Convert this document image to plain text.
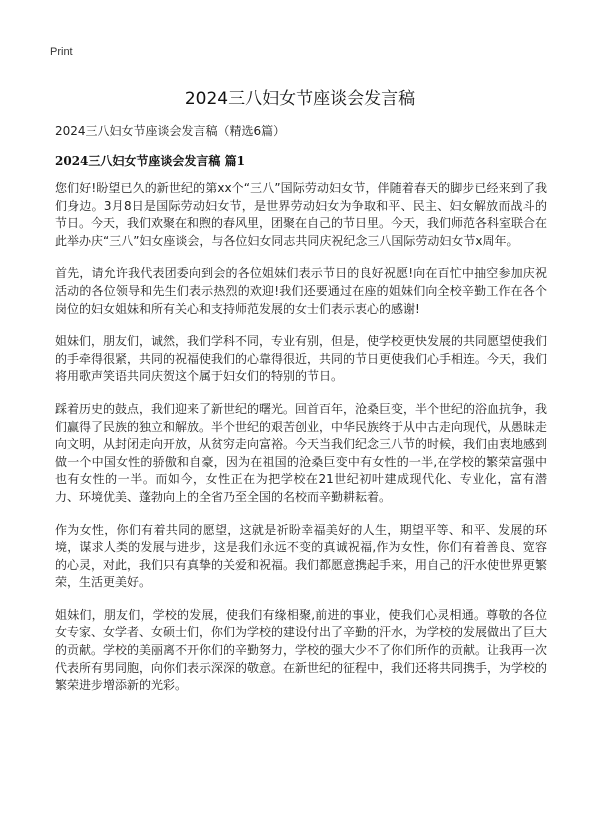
Print
2024三八妇女节座谈会发言稿

2024三八妇女节座谈会发言稿（精选6篇）

2024三八妇女节座谈会发言稿 篇1

您们好!盼望已久的新世纪的第xx个“三八”国际劳动妇女节，伴随着春天的脚步已经来到了我们身边。3月8日是国际劳动妇女节，是世界劳动妇女为争取和平、民主、妇女解放而战斗的节日。今天，我们欢聚在和煦的春风里，团聚在自己的节日里。今天，我们师范各科室联合在此举办庆“三八”妇女座谈会，与各位妇女同志共同庆祝纪念三八国际劳动妇女节x周年。

首先，请允许我代表团委向到会的各位姐妹们表示节日的良好祝愿!向在百忙中抽空参加庆祝活动的各位领导和先生们表示热烈的欢迎!我们还要通过在座的姐妹们向全校辛勤工作在各个岗位的妇女姐妹和所有关心和支持师范发展的女士们表示衷心的感谢!

姐妹们，朋友们，诚然，我们学科不同，专业有别，但是，使学校更快发展的共同愿望使我们的手牵得很紧，共同的祝福使我们的心靠得很近，共同的节日更使我们心手相连。今天，我们将用歌声笑语共同庆贺这个属于妇女们的特别的节日。

踩着历史的鼓点，我们迎来了新世纪的曙光。回首百年，沧桑巨变，半个世纪的浴血抗争，我们赢得了民族的独立和解放。半个世纪的艰苦创业，中华民族终于从中古走向现代，从愚昧走向文明，从封闭走向开放，从贫穷走向富裕。今天当我们纪念三八节的时候，我们由衷地感到做一个中国女性的骄傲和自豪，因为在祖国的沧桑巨变中有女性的一半,在学校的繁荣富强中也有女性的一半。而如今，女性正在为把学校在21世纪初叶建成现代化、专业化，富有潜力、环境优美、蓬勃向上的全省乃至全国的名校而辛勤耕耘着。

作为女性，你们有着共同的愿望，这就是祈盼幸福美好的人生，期望平等、和平、发展的环境，谋求人类的发展与进步，这是我们永远不变的真诚祝福,作为女性，你们有着善良、宽容的心灵，对此，我们只有真挚的关爱和祝福。我们都愿意携起手来，用自己的汗水使世界更繁荣，生活更美好。

姐妹们，朋友们，学校的发展，使我们有缘相聚,前进的事业，使我们心灵相通。尊敬的各位女专家、女学者、女硕士们，你们为学校的建设付出了辛勤的汗水，为学校的发展做出了巨大的贡献。学校的美丽离不开你们的辛勤努力，学校的强大少不了你们所作的贡献。让我再一次代表所有男同胞，向你们表示深深的敬意。在新世纪的征程中，我们还将共同携手，为学校的繁荣进步增添新的光彩。
